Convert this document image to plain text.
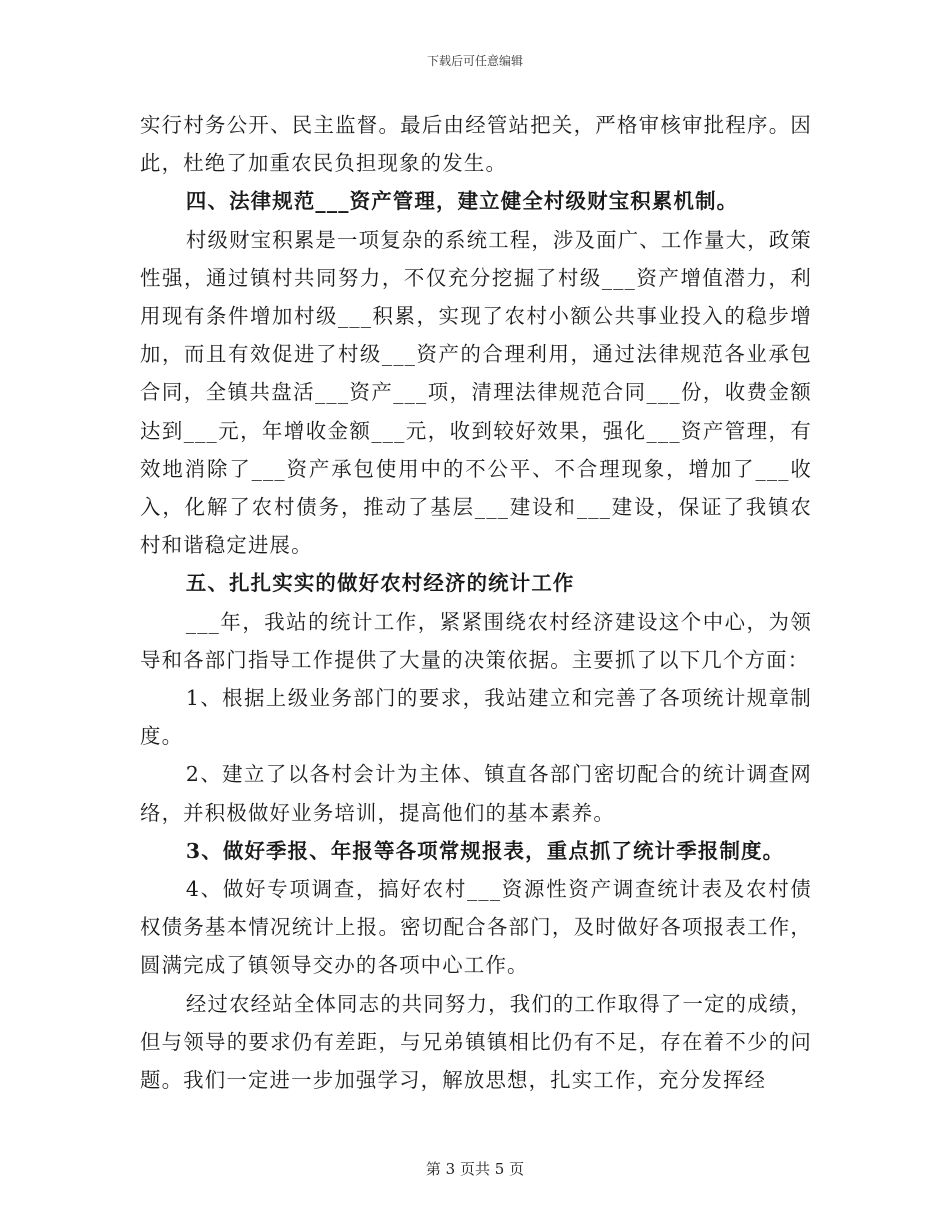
下载后可任意编辑

实行村务公开、民主监督。最后由经管站把关，严格审核审批程序。因此，杜绝了加重农民负担现象的发生。

四、法律规范___资产管理，建立健全村级财宝积累机制。

村级财宝积累是一项复杂的系统工程，涉及面广、工作量大，政策性强，通过镇村共同努力，不仅充分挖掘了村级___资产增值潜力，利用现有条件增加村级___积累，实现了农村小额公共事业投入的稳步增加，而且有效促进了村级___资产的合理利用，通过法律规范各业承包合同，全镇共盘活___资产___项，清理法律规范合同___份，收费金额达到___元，年增收金额___元，收到较好效果，强化___资产管理，有效地消除了___资产承包使用中的不公平、不合理现象，增加了___收入，化解了农村债务，推动了基层___建设和___建设，保证了我镇农村和谐稳定进展。

五、扎扎实实的做好农村经济的统计工作

___年，我站的统计工作，紧紧围绕农村经济建设这个中心，为领导和各部门指导工作提供了大量的决策依据。主要抓了以下几个方面：

1、根据上级业务部门的要求，我站建立和完善了各项统计规章制度。

2、建立了以各村会计为主体、镇直各部门密切配合的统计调查网络，并积极做好业务培训，提高他们的基本素养。

3、做好季报、年报等各项常规报表，重点抓了统计季报制度。

4、做好专项调查，搞好农村___资源性资产调查统计表及农村债权债务基本情况统计上报。密切配合各部门，及时做好各项报表工作，圆满完成了镇领导交办的各项中心工作。

经过农经站全体同志的共同努力，我们的工作取得了一定的成绩，但与领导的要求仍有差距，与兄弟镇镇相比仍有不足，存在着不少的问题。我们一定进一步加强学习，解放思想，扎实工作，充分发挥经

第 3 页共 5 页
